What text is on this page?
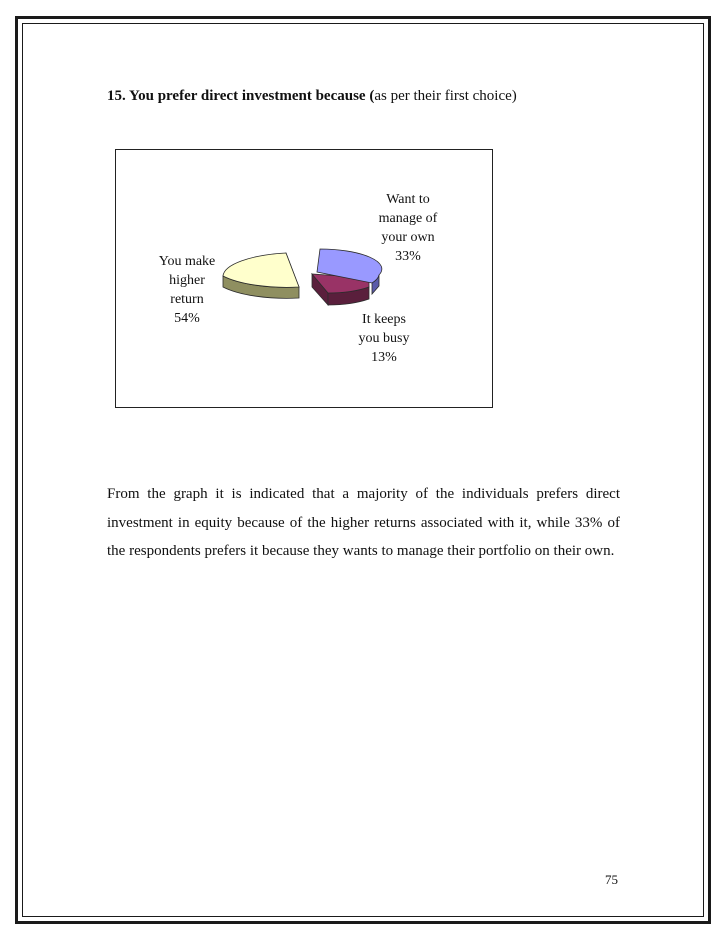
15. You prefer direct investment because (as per their first choice)
You make
higher
return
54%
Want to
manage of
your own
33%
It keeps
you busy
13%

From the graph it is indicated that a majority of the individuals prefers direct investment in equity because of the higher returns associated with it, while 33% of the respondents prefers it because they wants to manage their portfolio on their own.

75
